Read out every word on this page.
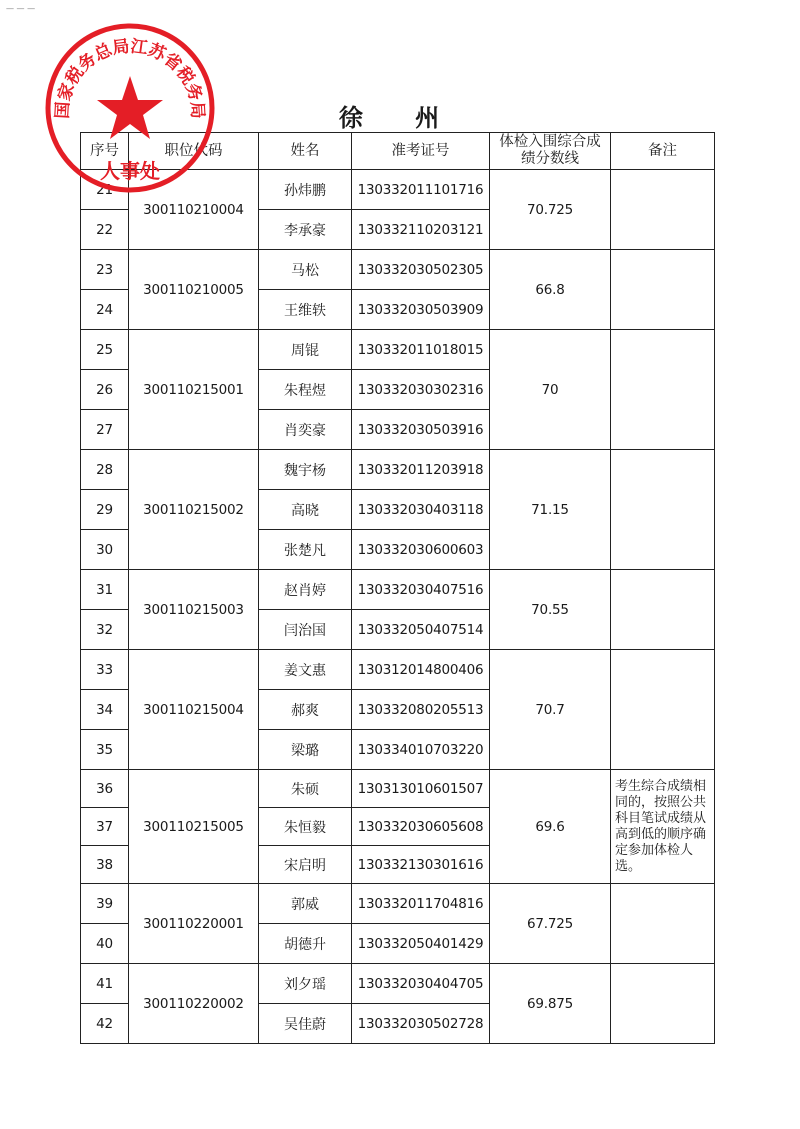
— — —
徐 州
序号	职位代码	姓名	准考证号	体检入围综合成绩分数线	备注
21	300110210004	孙炜鹏	130332011101716	70.725	
22		李承豪	130332110203121		
23	300110210005	马松	130332030502305	66.8	
24		王维轶	130332030503909		
25	300110215001	周锟	130332011018015	70	
26		朱程煜	130332030302316		
27		肖奕豪	130332030503916		
28	300110215002	魏宇杨	130332011203918	71.15	
29		高晓	130332030403118		
30		张楚凡	130332030600603		
31	300110215003	赵肖婷	130332030407516	70.55	
32		闫治国	130332050407514		
33	300110215004	姜文惠	130312014800406	70.7	
34		郝爽	130332080205513		
35		梁璐	130334010703220		
36	300110215005	朱硕	130313010601507	69.6	考生综合成绩相同的，按照公共科目笔试成绩从高到低的顺序确定参加体检人选。
37		朱恒毅	130332030605608		
38		宋启明	130332130301616		
39	300110220001	郭威	130332011704816	67.725	
40		胡德升	130332050401429		
41	300110220002	刘夕瑶	130332030404705	69.875	
42		吴佳蔚	130332030502728		
国家税务总局江苏省税务局
人事处
